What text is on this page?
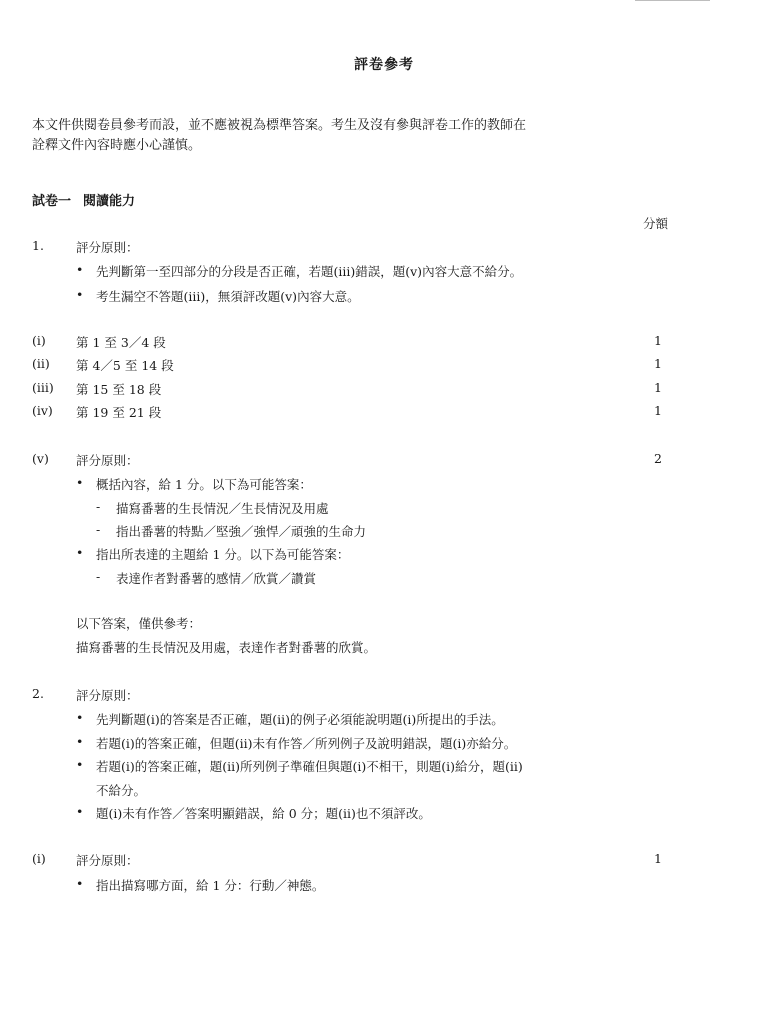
評卷參考
本文件供閱卷員參考而設，並不應被視為標準答案。考生及沒有參與評卷工作的教師在
詮釋文件內容時應小心謹慎。
試卷一 閱讀能力
分額
1.	評分原則：
• 先判斷第一至四部分的分段是否正確，若題(iii)錯誤，題(v)內容大意不給分。
• 考生漏空不答題(iii)，無須評改題(v)內容大意。
(i) 第 1 至 3／4 段	1
(ii) 第 4／5 至 14 段	1
(iii) 第 15 至 18 段	1
(iv) 第 19 至 21 段	1
(v) 評分原則：	2
• 概括內容，給 1 分。以下為可能答案：
- 描寫番薯的生長情況／生長情況及用處
- 指出番薯的特點／堅強／強悍／頑強的生命力
• 指出所表達的主題給 1 分。以下為可能答案：
- 表達作者對番薯的感情／欣賞／讚賞
以下答案，僅供參考：
描寫番薯的生長情況及用處，表達作者對番薯的欣賞。
2.	評分原則：
• 先判斷題(i)的答案是否正確，題(ii)的例子必須能說明題(i)所提出的手法。
• 若題(i)的答案正確，但題(ii)未有作答／所列例子及說明錯誤，題(i)亦給分。
• 若題(i)的答案正確，題(ii)所列例子準確但與題(i)不相干，則題(i)給分，題(ii)
不給分。
• 題(i)未有作答／答案明顯錯誤，給 0 分；題(ii)也不須評改。
(i) 評分原則：	1
• 指出描寫哪方面，給 1 分：行動／神態。
